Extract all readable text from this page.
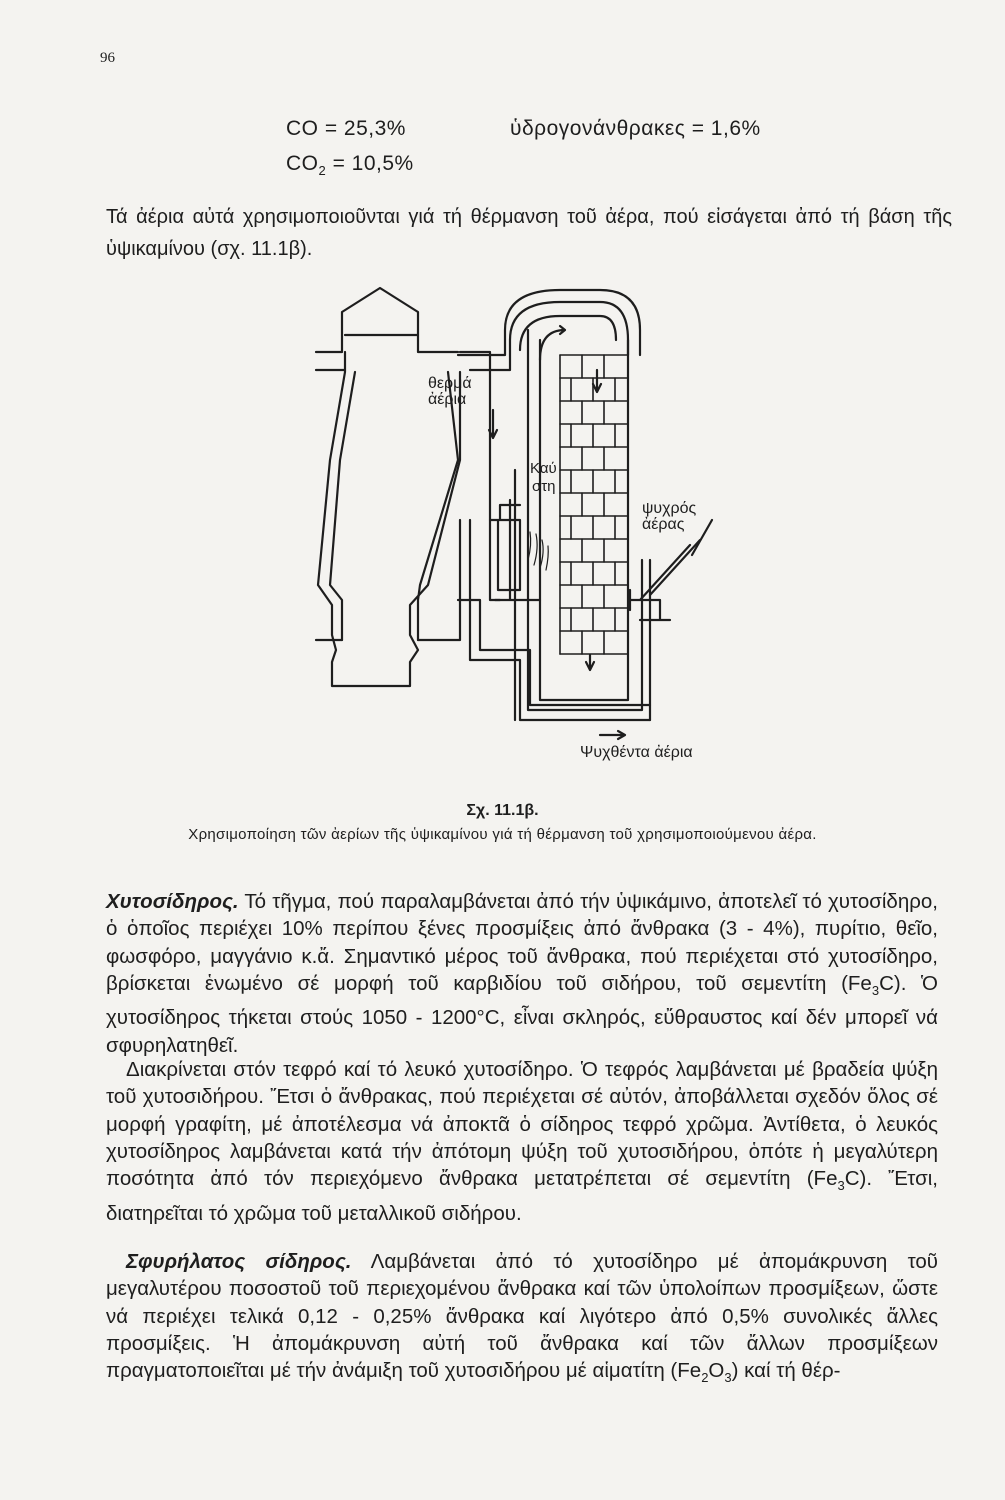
96
CO = 25,3%	ὑδρογονάνθρακες = 1,6%
$CO_2 = 10,5\%$
Τά ἀέρια αὐτά χρησιμοποιοῦνται γιά τή θέρμανση τοῦ ἀέρα, πού εἰσάγεται ἀπό τή βάση τῆς ὑψικαμίνου (σχ. 11.1β).
θερμά
ἀέρια
Καύ
στη
ψυχρός
ἀέρας
Ψυχθέντα ἀέρια
Σχ. 11.1β.
Χρησιμοποίηση τῶν ἀερίων τῆς ὑψικαμίνου γιά τή θέρμανση τοῦ χρησιμοποιούμενου ἀέρα.

Χυτοσίδηρος. Τό τῆγμα, πού παραλαμβάνεται ἀπό τήν ὑψικάμινο, ἀποτελεῖ τό χυτοσίδηρο, ὁ ὁποῖος περιέχει 10% περίπου ξένες προσμίξεις ἀπό ἄνθρακα (3 - 4%), πυρίτιο, θεῖο, φωσφόρο, μαγγάνιο κ.ἄ. Σημαντικό μέρος τοῦ ἄνθρακα, πού περιέχεται στό χυτοσίδηρο, βρίσκεται ἑνωμένο σέ μορφή τοῦ καρβιδίου τοῦ σιδήρου, τοῦ σεμεντίτη $(Fe_3C)$. Ὁ χυτοσίδηρος τήκεται στούς 1050 - 1200°C, εἶναι σκληρός, εὔθραυστος καί δέν μπορεῖ νά σφυρηλατηθεῖ.

Διακρίνεται στόν τεφρό καί τό λευκό χυτοσίδηρο. Ὁ τεφρός λαμβάνεται μέ βραδεία ψύξη τοῦ χυτοσιδήρου. Ἔτσι ὁ ἄνθρακας, πού περιέχεται σέ αὐτόν, ἀποβάλλεται σχεδόν ὅλος σέ μορφή γραφίτη, μέ ἀποτέλεσμα νά ἀποκτᾶ ὁ σίδηρος τεφρό χρῶμα. Ἀντίθετα, ὁ λευκός χυτοσίδηρος λαμβάνεται κατά τήν ἀπότομη ψύξη τοῦ χυτοσιδήρου, ὁπότε ἡ μεγαλύτερη ποσότητα ἀπό τόν περιεχόμενο ἄνθρακα μετατρέπεται σέ σεμεντίτη $(Fe_3C)$. Ἔτσι, διατηρεῖται τό χρῶμα τοῦ μεταλλικοῦ σιδήρου.

Σφυρήλατος σίδηρος. Λαμβάνεται ἀπό τό χυτοσίδηρο μέ ἀπομάκρυνση τοῦ μεγαλυτέρου ποσοστοῦ τοῦ περιεχομένου ἄνθρακα καί τῶν ὑπολοίπων προσμίξεων, ὥστε νά περιέχει τελικά 0,12 - 0,25% ἄνθρακα καί λιγότερο ἀπό 0,5% συνολικές ἄλλες προσμίξεις. Ἡ ἀπομάκρυνση αὐτή τοῦ ἄνθρακα καί τῶν ἄλλων προσμίξεων πραγματοποιεῖται μέ τήν ἀνάμιξη τοῦ χυτοσιδήρου μέ αἱματίτη $(Fe_2O_3)$ καί τή θέρ-
